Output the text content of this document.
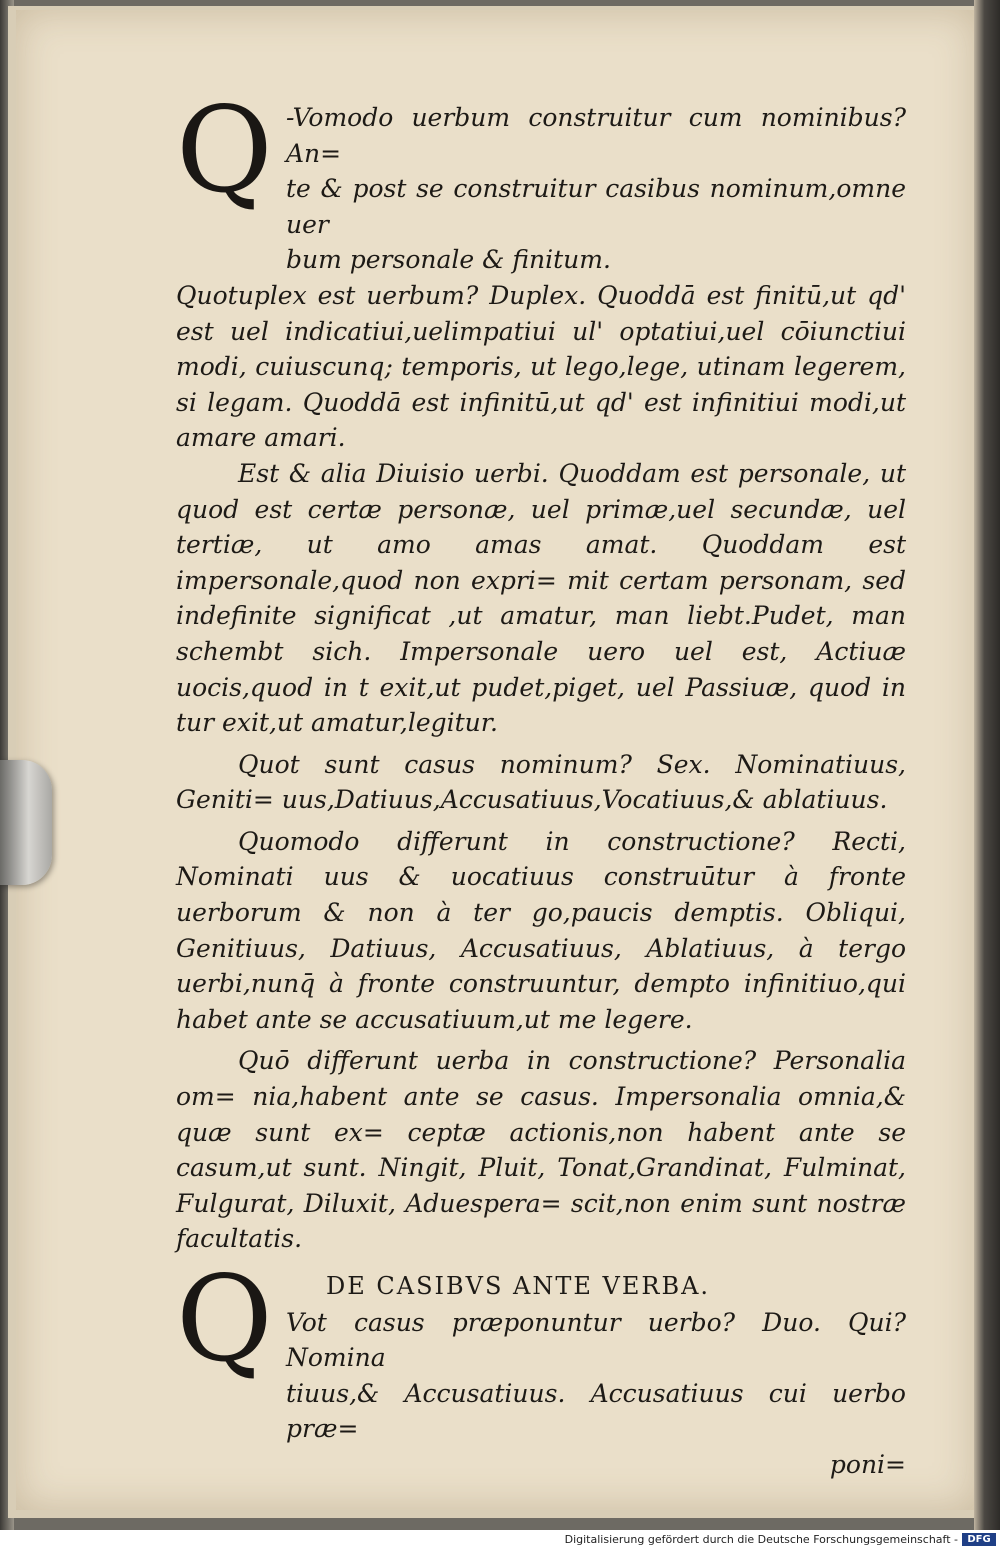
Q -Vomodo uerbum construitur cum nominibus? An=

te & post se construitur casibus nominum,omne uer

bum personale & finitum.

Quotuplex est uerbum? Duplex. Quoddā est finitū,ut qd' est uel indicatiui,uelimpatiui ul' optatiui,uel cōiunctiui modi, cuiuscunq; temporis, ut lego,lege, utinam legerem, si legam. Quoddā est infinitū,ut qd' est infinitiui modi,ut amare amari.

Est & alia Diuisio uerbi. Quoddam est personale, ut quod est certæ personæ, uel primæ,uel secundæ, uel tertiæ, ut amo amas amat. Quoddam est impersonale,quod non expri= mit certam personam, sed indefinite significat ,ut amatur, man liebt.Pudet, man schembt sich. Impersonale uero uel est, Actiuæ uocis,quod in t exit,ut pudet,piget, uel Passiuæ, quod in tur exit,ut amatur,legitur.

Quot sunt casus nominum? Sex. Nominatiuus, Geniti= uus,Datiuus,Accusatiuus,Vocatiuus,& ablatiuus.

Quomodo differunt in constructione? Recti, Nominati uus & uocatiuus construūtur à fronte uerborum & non à ter go,paucis demptis. Obliqui, Genitiuus, Datiuus, Accusatiuus, Ablatiuus, à tergo uerbi,nunq̄ à fronte construuntur, dempto infinitiuo,qui habet ante se accusatiuum,ut me legere.

Quō differunt uerba in constructione? Personalia om= nia,habent ante se casus. Impersonalia omnia,& quæ sunt ex= ceptæ actionis,non habent ante se casum,ut sunt. Ningit, Pluit, Tonat,Grandinat, Fulminat, Fulgurat, Diluxit, Aduespera= scit,non enim sunt nostræ facultatis.

Q DE CASIBVS ANTE VERBA.

Vot casus præponuntur uerbo? Duo. Qui? Nomina

tiuus,& Accusatiuus. Accusatiuus cui uerbo præ=

poni=

Digitalisierung gefördert durch die Deutsche Forschungsgemeinschaft - DFG
